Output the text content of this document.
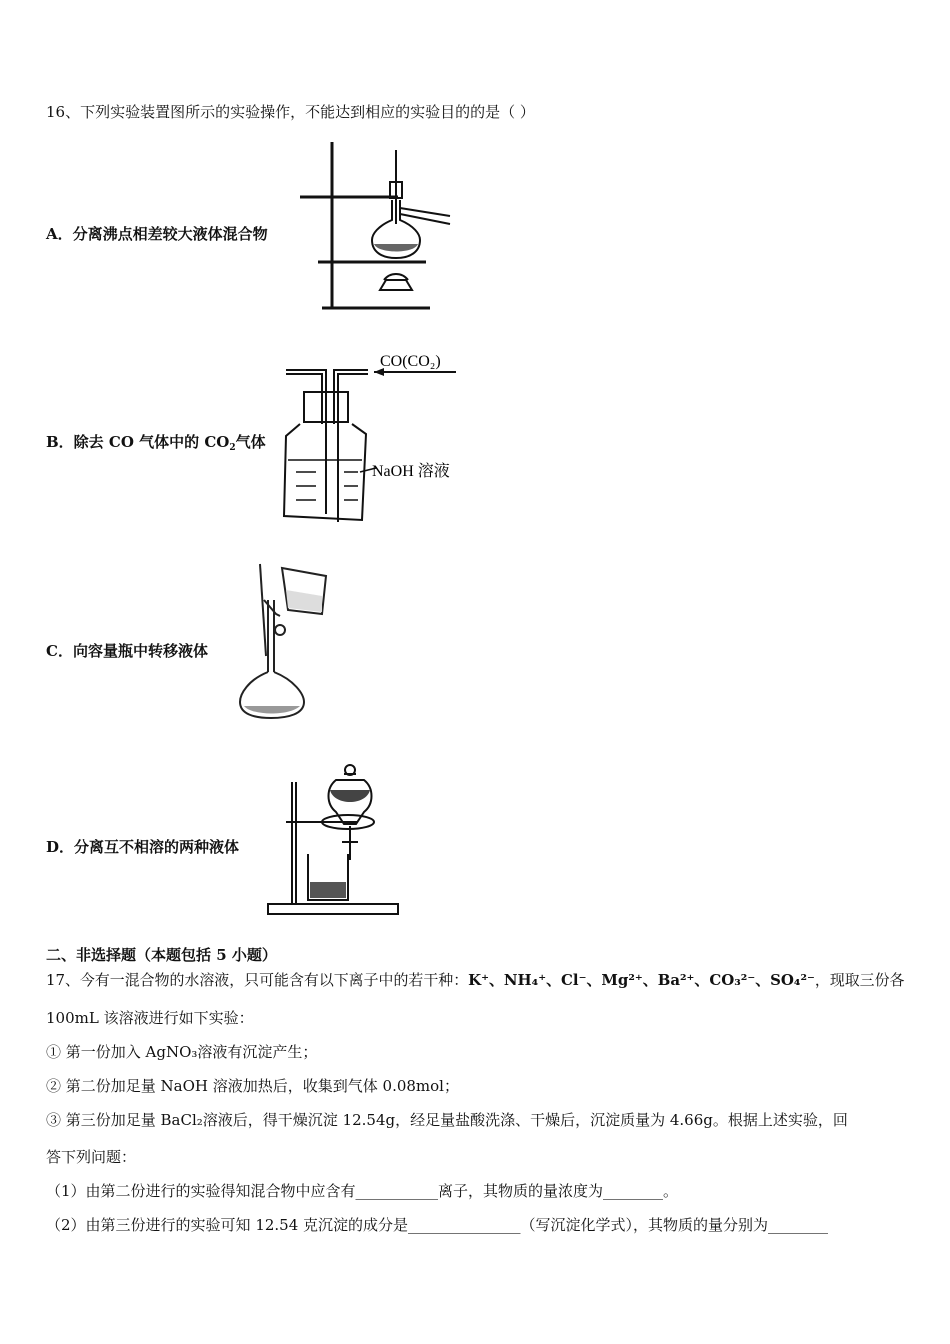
16、下列实验装置图所示的实验操作，不能达到相应的实验目的的是（ ）
A．分离沸点相差较大液体混合物
B．除去 CO 气体中的 $CO_2$气体
CO(CO₂)
NaOH 溶液
C．向容量瓶中转移液体
D．分离互不相溶的两种液体
二、非选择题（本题包括 5 小题）
17、今有一混合物的水溶液，只可能含有以下离子中的若干种：K⁺、NH₄⁺、Cl⁻、Mg²⁺、Ba²⁺、CO₃²⁻、SO₄²⁻，现取三份各
100mL 该溶液进行如下实验：
① 第一份加入 AgNO₃溶液有沉淀产生；
② 第二份加足量 NaOH 溶液加热后，收集到气体 0.08mol；
③ 第三份加足量 BaCl₂溶液后，得干燥沉淀 12.54g，经足量盐酸洗涤、干燥后，沉淀质量为 4.66g。根据上述实验，回
答下列问题：
（1）由第二份进行的实验得知混合物中应含有___________离子，其物质的量浓度为________。
（2）由第三份进行的实验可知 12.54 克沉淀的成分是_______________（写沉淀化学式），其物质的量分别为________
